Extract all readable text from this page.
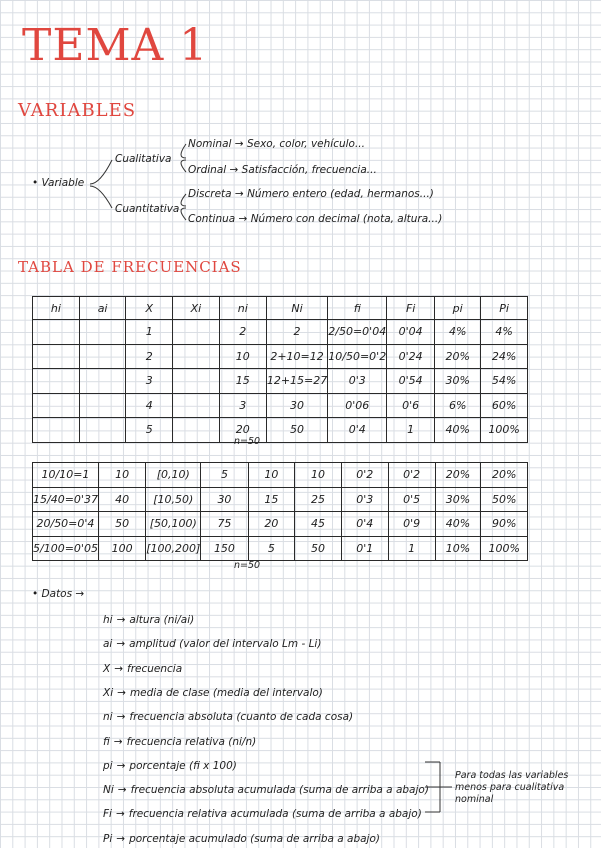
TEMA 1
VARIABLES
• Variable
Cualitativa
Cuantitativa
Nominal → Sexo, color, vehículo...
Ordinal → Satisfacción, frecuencia...
Discreta → Número entero (edad, hermanos...)
Continua → Número con decimal (nota, altura...)
TABLA DE FRECUENCIAS
hi	ai	X	Xi	ni	Ni	fi	Fi	pi	Pi
		1		2	2	2/50=0'04	0'04	4%	4%
		2		10	2+10=12	10/50=0'2	0'24	20%	24%
		3		15	12+15=27	0'3	0'54	30%	54%
		4		3	30	0'06	0'6	6%	60%
		5		20	50	0'4	1	40%	100%
n=50
10/10=1	10	[0,10)	5	10	10	0'2	0'2	20%	20%
15/40=0'37	40	[10,50)	30	15	25	0'3	0'5	30%	50%
20/50=0'4	50	[50,100)	75	20	45	0'4	0'9	40%	90%
5/100=0'05	100	[100,200]	150	5	50	0'1	1	10%	100%
n=50
• Datos →
hi → altura (ni/ai)
ai → amplitud (valor del intervalo Lm - Li)
X → frecuencia
Xi → media de clase (media del intervalo)
ni → frecuencia absoluta (cuanto de cada cosa)
fi → frecuencia relativa (ni/n)
pi → porcentaje (fi x 100)
Ni → frecuencia absoluta acumulada (suma de arriba a abajo)
Fi → frecuencia relativa acumulada (suma de arriba a abajo)
Pi → porcentaje acumulado (suma de arriba a abajo)
Para todas las variables
menos para cualitativa
nominal
